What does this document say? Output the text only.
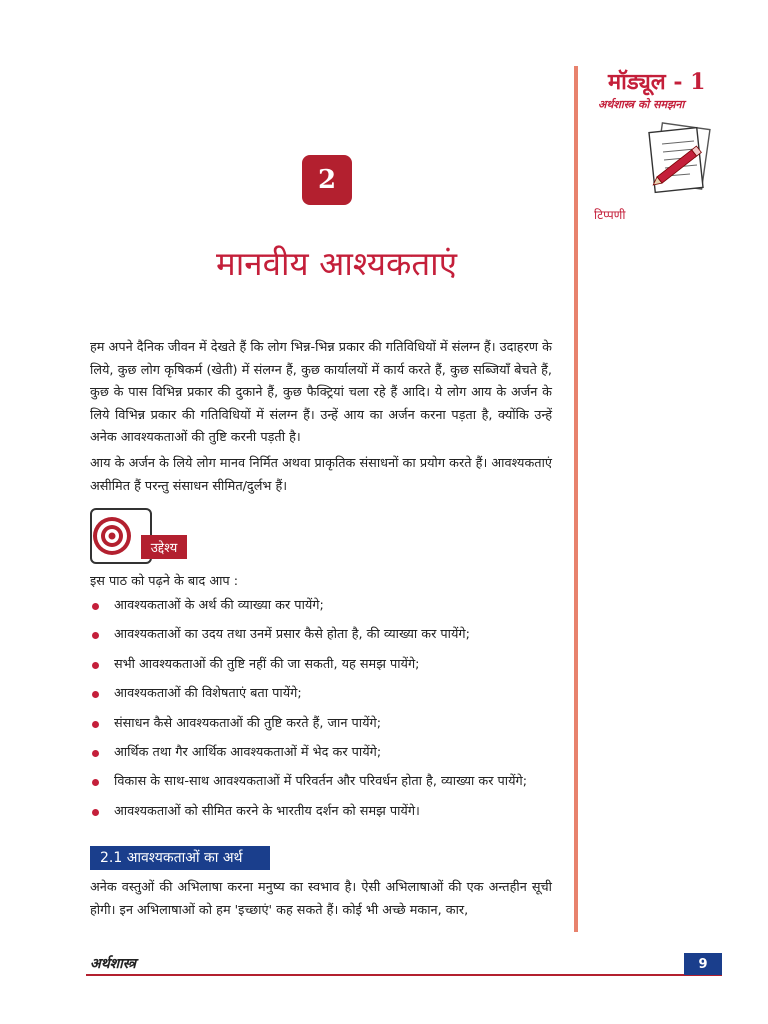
मॉड्यूल - 1
अर्थशास्त्र को समझना
टिप्पणी
2
मानवीय आश्यकताएं

हम अपने दैनिक जीवन में देखते हैं कि लोग भिन्न-भिन्न प्रकार की गतिविधियों में संलग्न हैं। उदाहरण के लिये, कुछ लोग कृषिकर्म (खेती) में संलग्न हैं, कुछ कार्यालयों में कार्य करते हैं, कुछ सब्जियाँ बेचते हैं, कुछ के पास विभिन्न प्रकार की दुकाने हैं, कुछ फैक्ट्रियां चला रहे हैं आदि। ये लोग आय के अर्जन के लिये विभिन्न प्रकार की गतिविधियों में संलग्न हैं। उन्हें आय का अर्जन करना पड़ता है, क्योंकि उन्हें अनेक आवश्यकताओं की तुष्टि करनी पड़ती है।

आय के अर्जन के लिये लोग मानव निर्मित अथवा प्राकृतिक संसाधनों का प्रयोग करते हैं। आवश्यकताएं असीमित हैं परन्तु संसाधन सीमित/दुर्लभ हैं।

उद्देश्य
इस पाठ को पढ़ने के बाद आप :
आवश्यकताओं के अर्थ की व्याख्या कर पायेंगे;
आवश्यकताओं का उदय तथा उनमें प्रसार कैसे होता है, की व्याख्या कर पायेंगे;
सभी आवश्यकताओं की तुष्टि नहीं की जा सकती, यह समझ पायेंगे;
आवश्यकताओं की विशेषताएं बता पायेंगे;
संसाधन कैसे आवश्यकताओं की तुष्टि करते हैं, जान पायेंगे;
आर्थिक तथा गैर आर्थिक आवश्यकताओं में भेद कर पायेंगे;
विकास के साथ-साथ आवश्यकताओं में परिवर्तन और परिवर्धन होता है, व्याख्या कर पायेंगे;
आवश्यकताओं को सीमित करने के भारतीय दर्शन को समझ पायेंगे।
2.1 आवश्यकताओं का अर्थ

अनेक वस्तुओं की अभिलाषा करना मनुष्य का स्वभाव है। ऐसी अभिलाषाओं की एक अन्तहीन सूची होगी। इन अभिलाषाओं को हम 'इच्छाएं' कह सकते हैं। कोई भी अच्छे मकान, कार,

अर्थशास्त्र	9
